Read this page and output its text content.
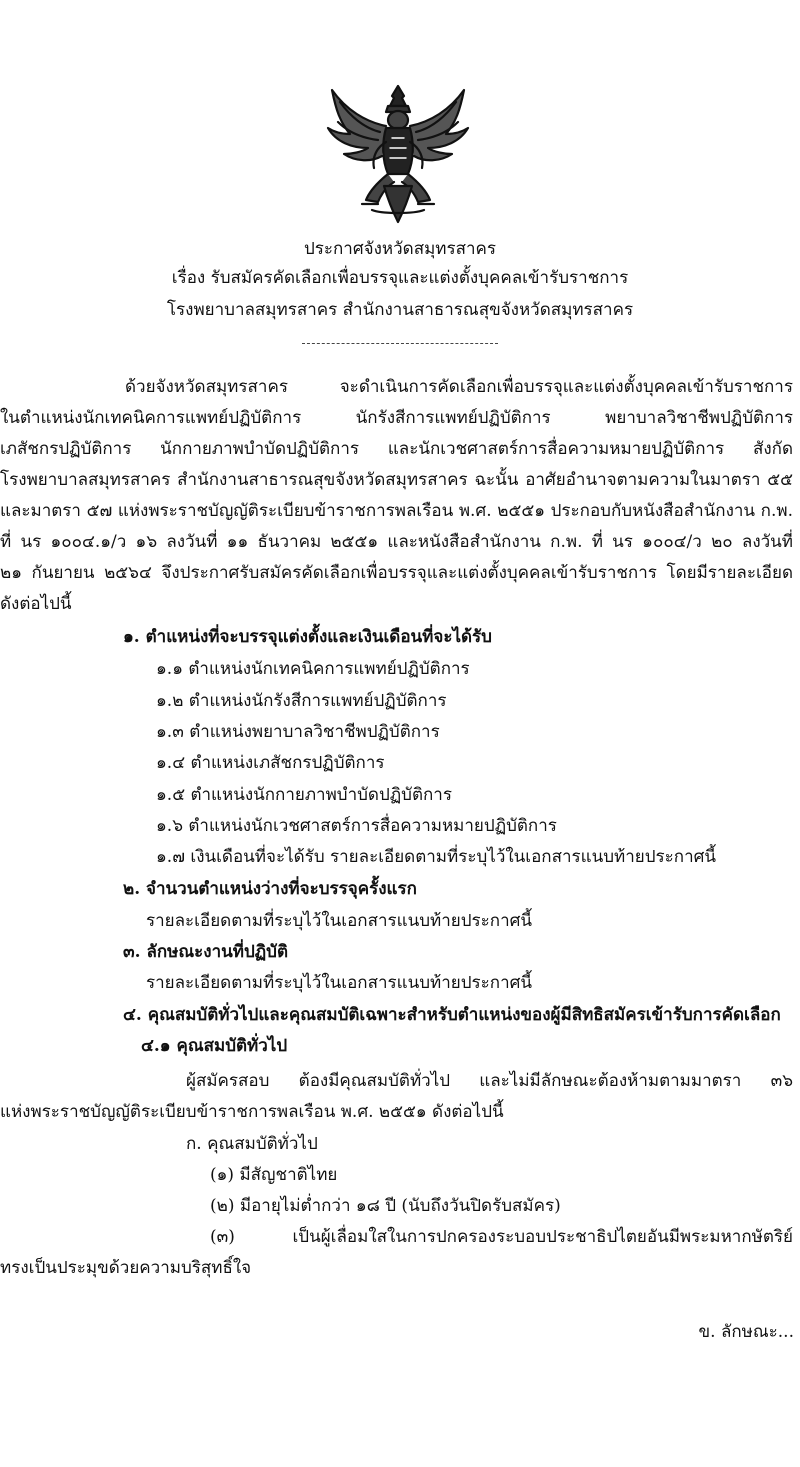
ประกาศจังหวัดสมุทรสาคร
เรื่อง รับสมัครคัดเลือกเพื่อบรรจุและแต่งตั้งบุคคลเข้ารับราชการ
โรงพยาบาลสมุทรสาคร สำนักงานสาธารณสุขจังหวัดสมุทรสาคร
ด้วยจังหวัดสมุทรสาคร จะดำเนินการคัดเลือกเพื่อบรรจุและแต่งตั้งบุคคลเข้ารับราชการ
ในตำแหน่งนักเทคนิคการแพทย์ปฏิบัติการ นักรังสีการแพทย์ปฏิบัติการ พยาบาลวิชาชีพปฏิบัติการ
เภสัชกรปฏิบัติการ นักกายภาพบำบัดปฏิบัติการ และนักเวชศาสตร์การสื่อความหมายปฏิบัติการ สังกัด
โรงพยาบาลสมุทรสาคร สำนักงานสาธารณสุขจังหวัดสมุทรสาคร ฉะนั้น อาศัยอำนาจตามความในมาตรา ๕๕
และมาตรา ๕๗ แห่งพระราชบัญญัติระเบียบข้าราชการพลเรือน พ.ศ. ๒๕๕๑ ประกอบกับหนังสือสำนักงาน ก.พ.
ที่ นร ๑๐๐๔.๑/ว ๑๖ ลงวันที่ ๑๑ ธันวาคม ๒๕๕๑ และหนังสือสำนักงาน ก.พ. ที่ นร ๑๐๐๔/ว ๒๐ ลงวันที่
๒๑ กันยายน ๒๕๖๔ จึงประกาศรับสมัครคัดเลือกเพื่อบรรจุและแต่งตั้งบุคคลเข้ารับราชการ โดยมีรายละเอียด
ดังต่อไปนี้
๑. ตำแหน่งที่จะบรรจุแต่งตั้งและเงินเดือนที่จะได้รับ
๑.๑ ตำแหน่งนักเทคนิคการแพทย์ปฏิบัติการ
๑.๒ ตำแหน่งนักรังสีการแพทย์ปฏิบัติการ
๑.๓ ตำแหน่งพยาบาลวิชาชีพปฏิบัติการ
๑.๔ ตำแหน่งเภสัชกรปฏิบัติการ
๑.๕ ตำแหน่งนักกายภาพบำบัดปฏิบัติการ
๑.๖ ตำแหน่งนักเวชศาสตร์การสื่อความหมายปฏิบัติการ
๑.๗ เงินเดือนที่จะได้รับ รายละเอียดตามที่ระบุไว้ในเอกสารแนบท้ายประกาศนี้
๒. จำนวนตำแหน่งว่างที่จะบรรจุครั้งแรก
รายละเอียดตามที่ระบุไว้ในเอกสารแนบท้ายประกาศนี้
๓. ลักษณะงานที่ปฏิบัติ
รายละเอียดตามที่ระบุไว้ในเอกสารแนบท้ายประกาศนี้
๔. คุณสมบัติทั่วไปและคุณสมบัติเฉพาะสำหรับตำแหน่งของผู้มีสิทธิสมัครเข้ารับการคัดเลือก
๔.๑ คุณสมบัติทั่วไป
ผู้สมัครสอบ ต้องมีคุณสมบัติทั่วไป และไม่มีลักษณะต้องห้ามตามมาตรา ๓๖
แห่งพระราชบัญญัติระเบียบข้าราชการพลเรือน พ.ศ. ๒๕๕๑ ดังต่อไปนี้
ก. คุณสมบัติทั่วไป
(๑) มีสัญชาติไทย
(๒) มีอายุไม่ต่ำกว่า ๑๘ ปี (นับถึงวันปิดรับสมัคร)
(๓) เป็นผู้เลื่อมใสในการปกครองระบอบประชาธิปไตยอันมีพระมหากษัตริย์
ทรงเป็นประมุขด้วยความบริสุทธิ์ใจ
ข. ลักษณะ...
